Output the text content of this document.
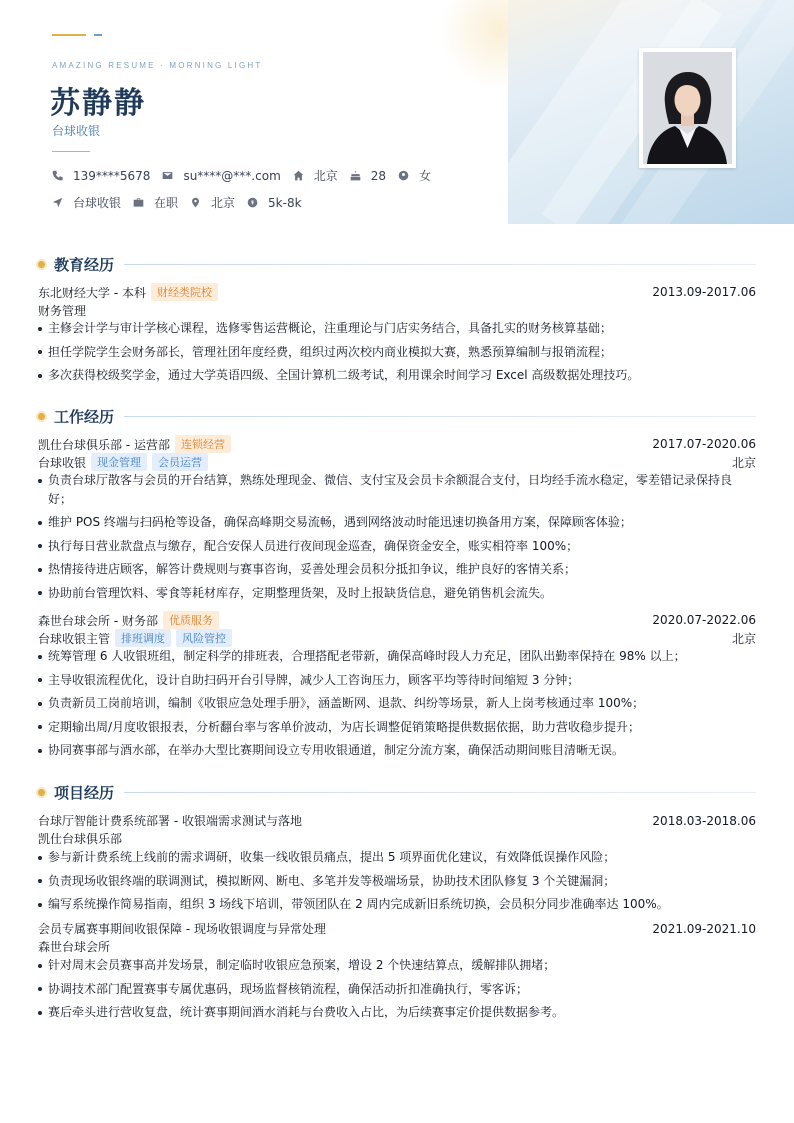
AMAZING RESUME · MORNING LIGHT
苏静静
台球收银
139****5678	su****@***.com	北京	28	女
台球收银	在职	北京	5k-8k
教育经历
东北财经大学 - 本科	财经类院校	2013.09-2017.06
财务管理
主修会计学与审计学核心课程，选修零售运营概论，注重理论与门店实务结合，具备扎实的财务核算基础；
担任学院学生会财务部长，管理社团年度经费，组织过两次校内商业模拟大赛，熟悉预算编制与报销流程；
多次获得校级奖学金，通过大学英语四级、全国计算机二级考试，利用课余时间学习 Excel 高级数据处理技巧。
工作经历
凯仕台球俱乐部 - 运营部	连锁经营	2017.07-2020.06
台球收银	现金管理	会员运营	北京
负责台球厅散客与会员的开台结算，熟练处理现金、微信、支付宝及会员卡余额混合支付，日均经手流水稳定，零差错记录保持良好；
维护 POS 终端与扫码枪等设备，确保高峰期交易流畅，遇到网络波动时能迅速切换备用方案，保障顾客体验；
执行每日营业款盘点与缴存，配合安保人员进行夜间现金巡查，确保资金安全，账实相符率 100%；
热情接待进店顾客，解答计费规则与赛事咨询，妥善处理会员积分抵扣争议，维护良好的客情关系；
协助前台管理饮料、零食等耗材库存，定期整理货架，及时上报缺货信息，避免销售机会流失。
森世台球会所 - 财务部	优质服务	2020.07-2022.06
台球收银主管	排班调度	风险管控	北京
统筹管理 6 人收银班组，制定科学的排班表，合理搭配老带新，确保高峰时段人力充足，团队出勤率保持在 98% 以上；
主导收银流程优化，设计自助扫码开台引导牌，减少人工咨询压力，顾客平均等待时间缩短 3 分钟；
负责新员工岗前培训，编制《收银应急处理手册》，涵盖断网、退款、纠纷等场景，新人上岗考核通过率 100%；
定期输出周/月度收银报表，分析翻台率与客单价波动，为店长调整促销策略提供数据依据，助力营收稳步提升；
协同赛事部与酒水部，在举办大型比赛期间设立专用收银通道，制定分流方案，确保活动期间账目清晰无误。
项目经历
台球厅智能计费系统部署 - 收银端需求测试与落地	2018.03-2018.06
凯仕台球俱乐部
参与新计费系统上线前的需求调研，收集一线收银员痛点，提出 5 项界面优化建议，有效降低误操作风险；
负责现场收银终端的联调测试，模拟断网、断电、多笔并发等极端场景，协助技术团队修复 3 个关键漏洞；
编写系统操作简易指南，组织 3 场线下培训，带领团队在 2 周内完成新旧系统切换，会员积分同步准确率达 100%。
会员专属赛事期间收银保障 - 现场收银调度与异常处理	2021.09-2021.10
森世台球会所
针对周末会员赛事高并发场景，制定临时收银应急预案，增设 2 个快速结算点，缓解排队拥堵；
协调技术部门配置赛事专属优惠码，现场监督核销流程，确保活动折扣准确执行，零客诉；
赛后牵头进行营收复盘，统计赛事期间酒水消耗与台费收入占比，为后续赛事定价提供数据参考。
